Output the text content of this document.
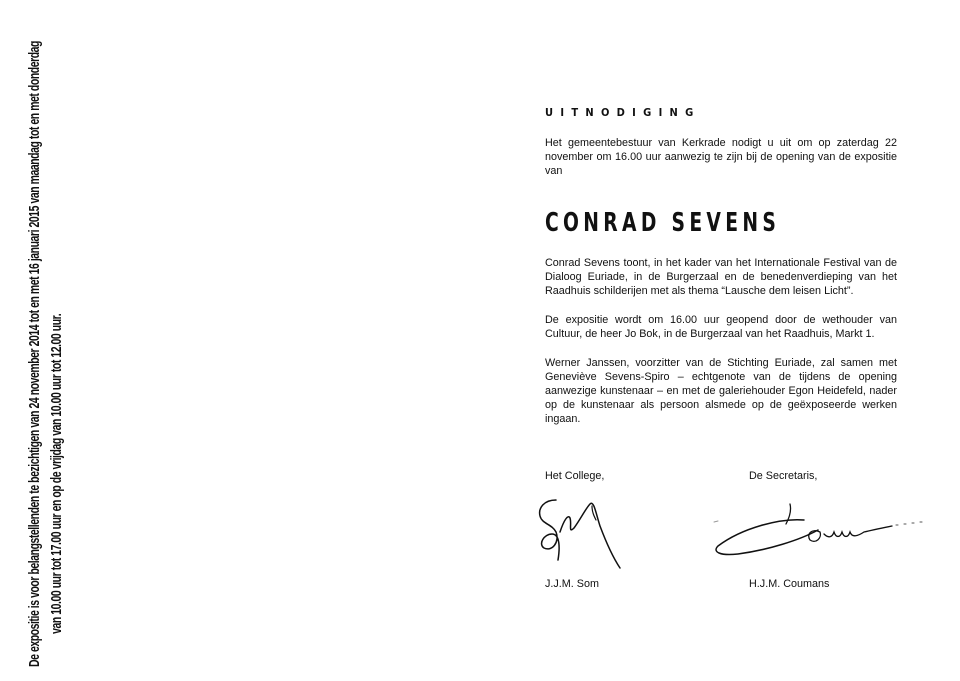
De expositie is voor belangstellenden te bezichtigen van 24 november 2014 tot en met 16 januari 2015 van maandag tot en met donderdag van 10.00 uur tot 17.00 uur en op de vrijdag van 10.00 uur tot 12.00 uur.
UITNODIGING

Het gemeentebestuur van Kerkrade nodigt u uit om op zaterdag 22 november om 16.00 uur aanwezig te zijn bij de opening van de expositie van

CONRAD SEVENS

Conrad Sevens toont, in het kader van het Internationale Festival van de Dialoog Euriade, in de Burgerzaal en de benedenverdieping van het Raadhuis schilderijen met als thema “Lausche dem leisen Licht”.

De expositie wordt om 16.00 uur geopend door de wethouder van Cultuur, de heer Jo Bok, in de Burgerzaal van het Raadhuis, Markt 1.

Werner Janssen, voorzitter van de Stichting Euriade, zal samen met Geneviève Sevens-Spiro – echtgenote van de tijdens de opening aanwezige kunstenaar – en met de galeriehouder Egon Heidefeld, nader op de kunstenaar als persoon alsmede op de geëxposeerde werken ingaan.

Het College,
J.J.M. Som
De Secretaris,
H.J.M. Coumans
